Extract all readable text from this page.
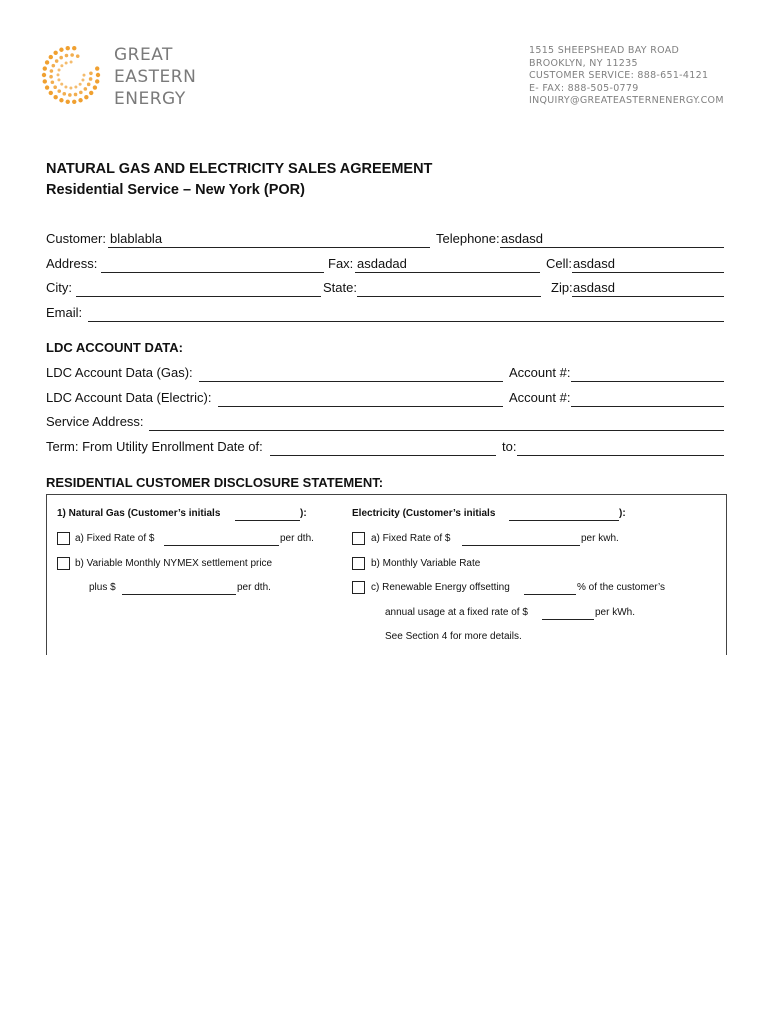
GREAT
EASTERN
ENERGY
1515 SHEEPSHEAD BAY ROAD
BROOKLYN, NY 11235
CUSTOMER SERVICE: 888-651-4121
E- FAX: 888-505-0779
INQUIRY@GREATEASTERNENERGY.COM
NATURAL GAS AND ELECTRICITY SALES AGREEMENT
Residential Service – New York (POR)
Customer: blablabla	Telephone: asdasd
Address:	Fax: asdadad	Cell: asdasd
City:	State:	Zip: asdasd
Email:
LDC ACCOUNT DATA:
LDC Account Data (Gas):	Account #:
LDC Account Data (Electric):	Account #:
Service Address:
Term: From Utility Enrollment Date of:	to:
RESIDENTIAL CUSTOMER DISCLOSURE STATEMENT:
1) Natural Gas (Customer’s initials	):
a) Fixed Rate of $	per dth.
b) Variable Monthly NYMEX settlement price
plus $	per dth.
Electricity (Customer’s initials	):
a) Fixed Rate of $	per kwh.
b) Monthly Variable Rate
c) Renewable Energy offsetting	% of the customer’s
annual usage at a fixed rate of $	per kWh.
See Section 4 for more details.
